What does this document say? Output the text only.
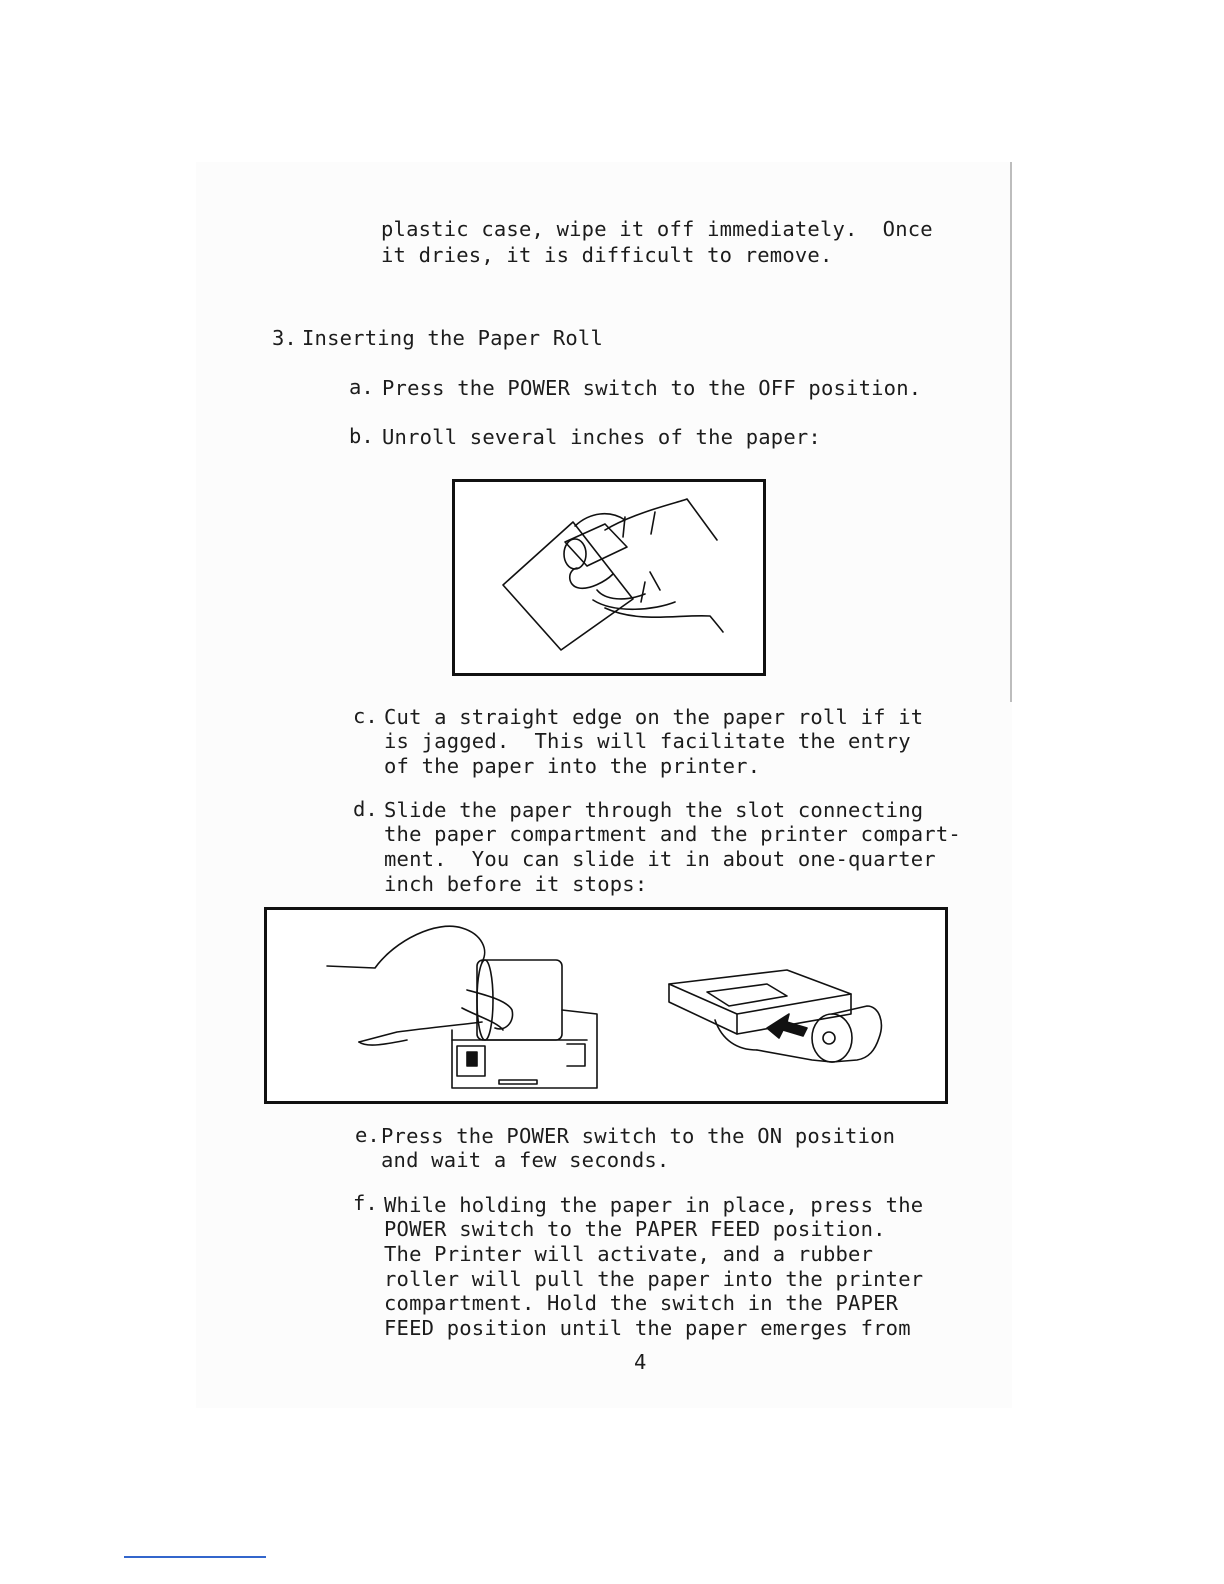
plastic case, wipe it off immediately.  Once
it dries, it is difficult to remove.
3. Inserting the Paper Roll
a. Press the POWER switch to the OFF position.
b. Unroll several inches of the paper:
c. Cut a straight edge on the paper roll if it
is jagged.  This will facilitate the entry
of the paper into the printer.
d. Slide the paper through the slot connecting
the paper compartment and the printer compart-
ment.  You can slide it in about one-quarter
inch before it stops:
e. Press the POWER switch to the ON position
and wait a few seconds.
f. While holding the paper in place, press the
POWER switch to the PAPER FEED position.
The Printer will activate, and a rubber
roller will pull the paper into the printer
compartment. Hold the switch in the PAPER
FEED position until the paper emerges from
4
